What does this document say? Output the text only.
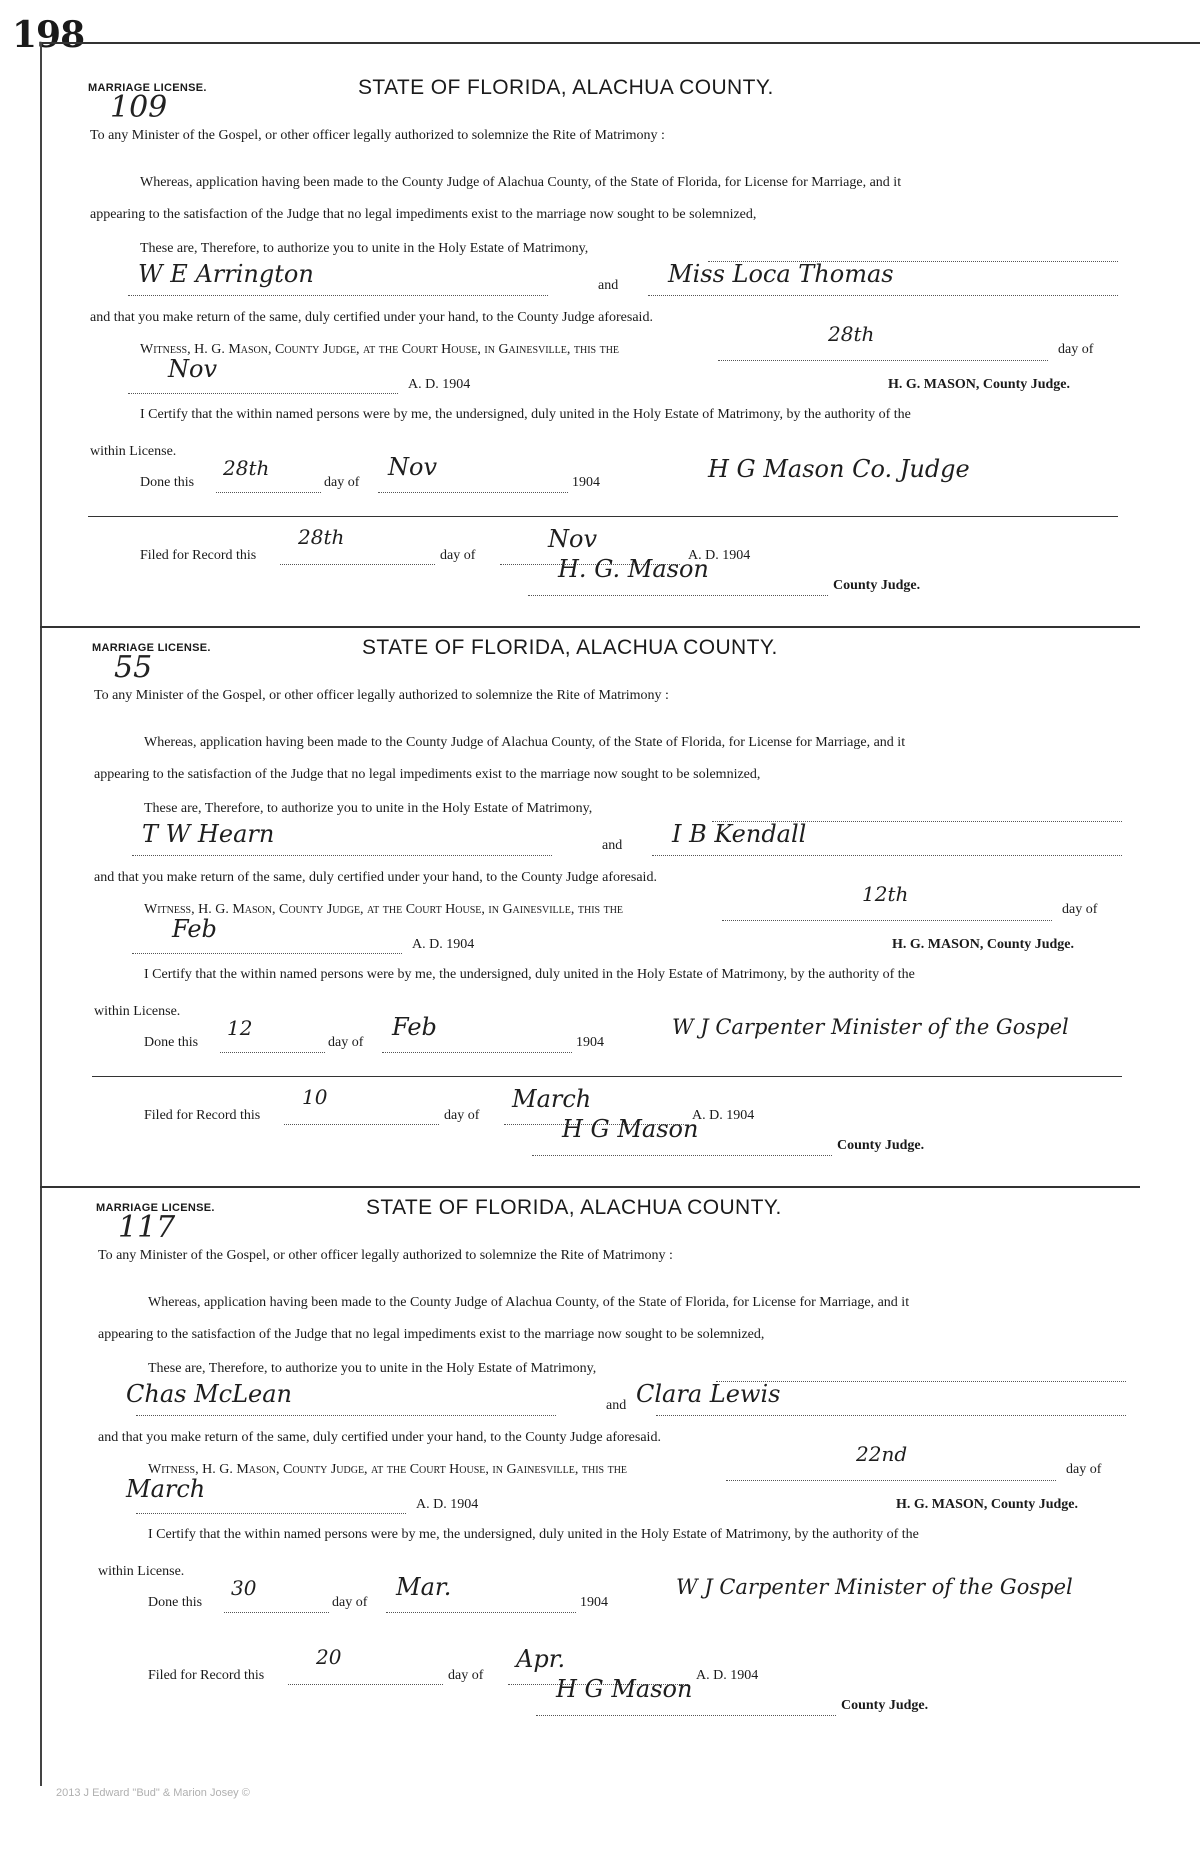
198
MARRIAGE LICENSE.
109
STATE OF FLORIDA, ALACHUA COUNTY.
To any Minister of the Gospel, or other officer legally authorized to solemnize the Rite of Matrimony :
Whereas, application having been made to the County Judge of Alachua County, of the State of Florida, for License for Marriage, and it
appearing to the satisfaction of the Judge that no legal impediments exist to the marriage now sought to be solemnized,
These are, Therefore, to authorize you to unite in the Holy Estate of Matrimony,
W E Arrington	and Miss Loca Thomas
and that you make return of the same, duly certified under your hand, to the County Judge aforesaid.
Witness, H. G. Mason, County Judge, at the Court House, in Gainesville, this the
28th
day of
Nov
A. D. 1904	H. G. MASON, County Judge.
I Certify that the within named persons were by me, the undersigned, duly united in the Holy Estate of Matrimony, by the authority of the
within License.
Done this
28th
day of
Nov
1904	H G Mason Co. Judge
Filed for Record this
28th
day of
Nov
A. D. 1904
H. G. Mason
County Judge.
MARRIAGE LICENSE.
55
STATE OF FLORIDA, ALACHUA COUNTY.
To any Minister of the Gospel, or other officer legally authorized to solemnize the Rite of Matrimony :
Whereas, application having been made to the County Judge of Alachua County, of the State of Florida, for License for Marriage, and it
appearing to the satisfaction of the Judge that no legal impediments exist to the marriage now sought to be solemnized,
These are, Therefore, to authorize you to unite in the Holy Estate of Matrimony,
T W Hearn	and I B Kendall
and that you make return of the same, duly certified under your hand, to the County Judge aforesaid.
Witness, H. G. Mason, County Judge, at the Court House, in Gainesville, this the
12th
day of
Feb
A. D. 1904	H. G. MASON, County Judge.
I Certify that the within named persons were by me, the undersigned, duly united in the Holy Estate of Matrimony, by the authority of the
within License.
Done this
12
day of
Feb
1904
W J Carpenter Minister of the Gospel
Filed for Record this
10
day of
March
A. D. 1904
H G Mason
County Judge.
MARRIAGE LICENSE.
117
STATE OF FLORIDA, ALACHUA COUNTY.
To any Minister of the Gospel, or other officer legally authorized to solemnize the Rite of Matrimony :
Whereas, application having been made to the County Judge of Alachua County, of the State of Florida, for License for Marriage, and it
appearing to the satisfaction of the Judge that no legal impediments exist to the marriage now sought to be solemnized,
These are, Therefore, to authorize you to unite in the Holy Estate of Matrimony,
Chas McLean	and Clara Lewis
and that you make return of the same, duly certified under your hand, to the County Judge aforesaid.
Witness, H. G. Mason, County Judge, at the Court House, in Gainesville, this the
22nd
day of
March
A. D. 1904	H. G. MASON, County Judge.
I Certify that the within named persons were by me, the undersigned, duly united in the Holy Estate of Matrimony, by the authority of the
within License.
Done this
30
day of
Mar.
1904
W J Carpenter Minister of the Gospel
Filed for Record this
20
day of
Apr.
A. D. 1904
H G Mason
County Judge.
2013 J Edward "Bud" & Marion Josey ©
